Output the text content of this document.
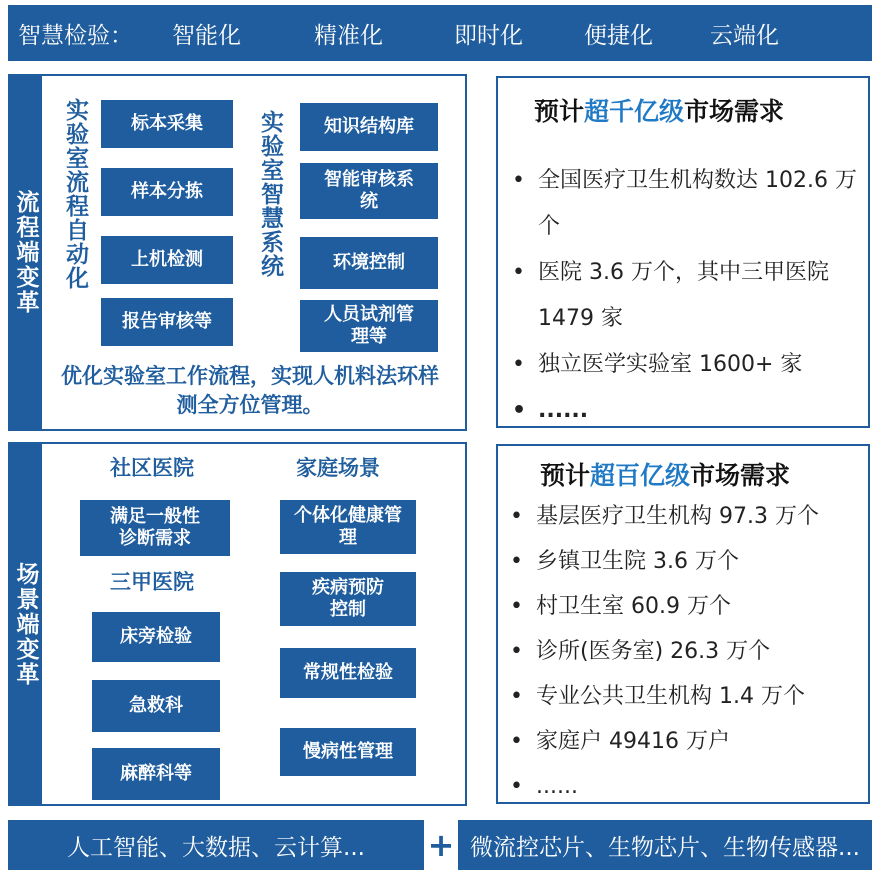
智慧检验： 智能化	精准化	即时化	便捷化 云端化
流程端变革 实验室流程自动化	标本采集
样本分拣
上机检测
报告审核等
实验室智慧系统	知识结构库
智能审核系统
环境控制
人员试剂管理等
优化实验室工作流程，实现人机料法环样测全方位管理。
预计超千亿级市场需求
• 全国医疗卫生机构数达 102.6 万个
• 医院 3.6 万个，其中三甲医院 1479 家
• 独立医学实验室 1600+ 家
• ......
场景端变革
社区医院
满足一般性诊断需求
三甲医院
床旁检验
急救科
麻醉科等
家庭场景
个体化健康管理
疾病预防控制
常规性检验
慢病性管理
预计超百亿级市场需求
• 基层医疗卫生机构 97.3 万个
• 乡镇卫生院 3.6 万个
• 村卫生室 60.9 万个
• 诊所(医务室) 26.3 万个
• 专业公共卫生机构 1.4 万个
• 家庭户 49416 万户
• ......
人工智能、大数据、云计算...	+ 微流控芯片、生物芯片、生物传感器...
